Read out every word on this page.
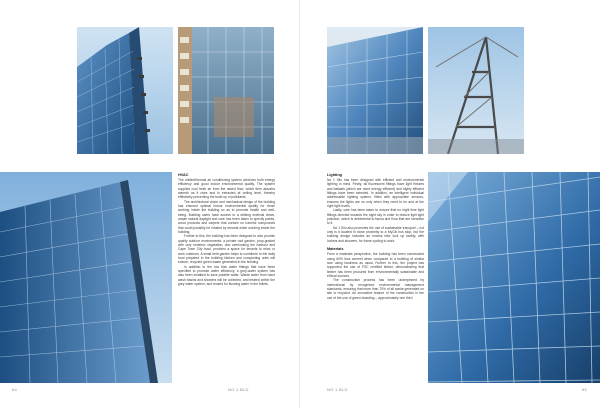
HVAC

The chilled/thermal air conditioning system achieves both energy efficiency and good indoor environmental quality. The system supplies cool fresh air from the raised floor, which then absorbs warmth as it rises and is extracted at ceiling level, thereby effectively preventing the build up of pollutants.

The architectural vision and mechanical design of the building has ensured optimal indoor environmental quality for those working inside the building so as to promote health and well-being. Building users have access to a striking external views, ample natural daylight and care has been taken to specify paints, wood products and carpets that contain no harmful compounds that could possibly be inhaled by tenants when working inside the building.

Further to this, the building has been designed to also provide quality outdoor environments: a private roof garden, prop-graded with only endemic vegetation, and overlooking the harbour and Cape Town City bowl, provides a space for tenants to relax or work outdoors. A small herb garden helps to contribute to the daily food prepared in the building kitchen and composting units will ensure, recycled green waste generated in the building.

In addition to the low flow water fittings that have been specified to promote water efficiency, a grey-water system has also been installed to save potable water. Waste water from hand wash basins and showers will be collected, and treated within the grey water system, and reused for flushing water in the toilets.

64	NO 1 BLD
Lighting

No 1 Silo has been designed with efficient and environmental lighting in mind. Firstly, all fluorescent fittings have light fixtures and ballasts (which are more energy efficient) and highly efficient fittings have been selected. In addition, an intelligent individual addressable lighting system, fitted with appropriate sensors, ensures the lights are on only when they need to be and at the right light levels.

Lastly, care has been taken to ensure that no night time light fittings directed towards the night sky in order to reduce light light pollution, which is detrimental to fauna and flora that are sensitive to it.

No 1 Silo also promotes the use of sustainable transport – not only is it located in close proximity to a MyCiti bus stop, but the building design includes an excess bike lock up facility, with lockers and showers, for those cycling to work.

Materials

From a materials perspective, the building has been constructed using 60% less cement when compared to a building of similar size using business as usual. Further to this, the project has supported the use of FSC certified timber, demonstrating that timber has been procured from environmentally sustainable and ethical sources.

The construction process has been underpinned by international by recognised environmental management standards, ensuring that more than 70% of all waste generated on site is recycled. An innovative feature of the construction is the use of the use of green boarding – approximately one third

NO 1 BLD	65
